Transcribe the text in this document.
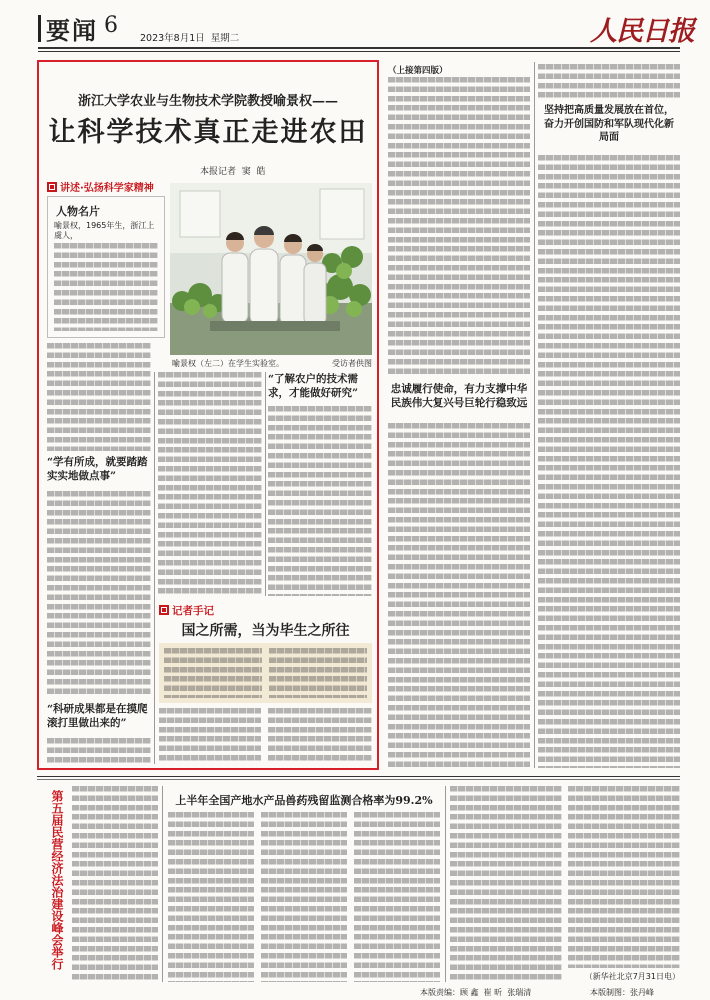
要闻 6
2023年8月1日  星期二	人民日报
浙江大学农业与生物技术学院教授喻景权——
让科学技术真正走进农田
本报记者  窦  皓
讲述·弘扬科学家精神
人物名片
喻景权，1965年生，浙江上虞人，
喻景权（左二）在学生实验室。	受访者供图
“学有所成，就要踏踏实实地做点事”
“科研成果都是在摸爬滚打里做出来的”
“了解农户的技术需求，才能做好研究”
记者手记
国之所需，当为毕生之所往
（上接第四版）
忠诚履行使命，有力支撑中华民族伟大复兴号巨轮行稳致远
坚持把高质量发展放在首位，奋力开创国防和军队现代化新局面
第五届民营经济法治建设峰会举行	上半年全国产地水产品兽药残留监测合格率为99.2%
（新华社北京7月31日电）
本版责编：顾 鑫  崔 昕  张瑞清	本版制图：张丹峰
